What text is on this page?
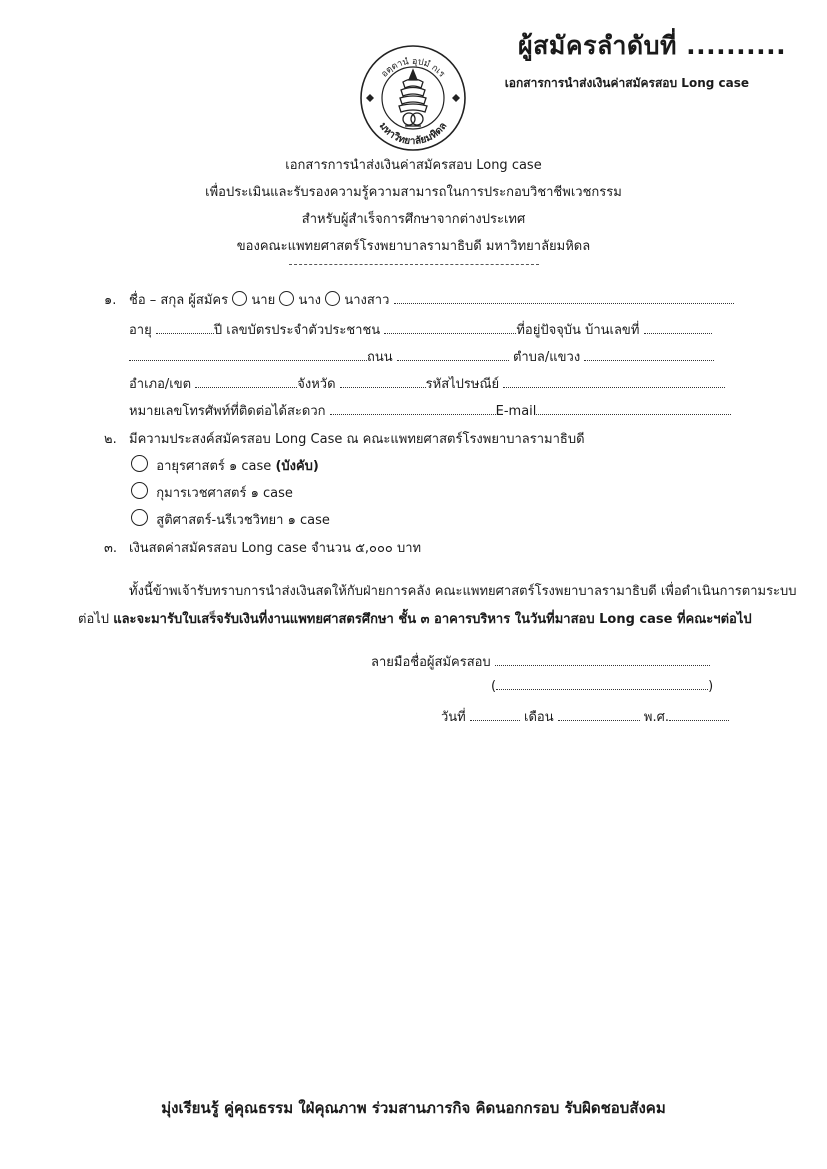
ผู้สมัครลำดับที่ ..........
เอกสารการนำส่งเงินค่าสมัครสอบ Long case
อตฺตานํ อุปมํ กเร
มหาวิทยาลัยมหิดล
เอกสารการนำส่งเงินค่าสมัครสอบ Long case
เพื่อประเมินและรับรองความรู้ความสามารถในการประกอบวิชาชีพเวชกรรม
สำหรับผู้สำเร็จการศึกษาจากต่างประเทศ
ของคณะแพทยศาสตร์โรงพยาบาลรามาธิบดี มหาวิทยาลัยมหิดล
๑. ชื่อ – สกุล ผู้สมัคร นาย นาง นางสาว
อายุ	ปี เลขบัตรประจำตัวประชาชน	ที่อยู่ปัจจุบัน บ้านเลขที่
ถนน	ตำบล/แขวง
อำเภอ/เขต	จังหวัด	รหัสไปรษณีย์
หมายเลขโทรศัพท์ที่ติดต่อได้สะดวก	E-mail
๒. มีความประสงค์สมัครสอบ Long Case ณ คณะแพทยศาสตร์โรงพยาบาลรามาธิบดี
อายุรศาสตร์ ๑ case (บังคับ)
กุมารเวชศาสตร์ ๑ case
สูติศาสตร์-นรีเวชวิทยา ๑ case
๓. เงินสดค่าสมัครสอบ Long case จำนวน ๕,๐๐๐ บาท
ทั้งนี้ข้าพเจ้ารับทราบการนำส่งเงินสดให้กับฝ่ายการคลัง คณะแพทยศาสตร์โรงพยาบาลรามาธิบดี เพื่อดำเนินการตามระบบ
ต่อไป และจะมารับใบเสร็จรับเงินที่งานแพทยศาสตรศึกษา ชั้น ๓ อาคารบริหาร ในวันที่มาสอบ Long case ที่คณะฯต่อไป
ลายมือชื่อผู้สมัครสอบ
(	)
วันที่	เดือน	พ.ศ.
มุ่งเรียนรู้ คู่คุณธรรม ใฝ่คุณภาพ ร่วมสานภารกิจ คิดนอกกรอบ รับผิดชอบสังคม
